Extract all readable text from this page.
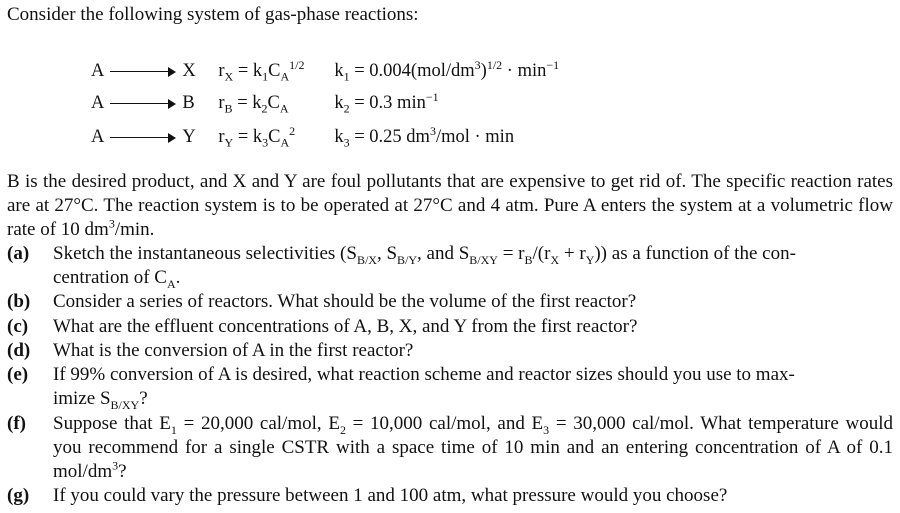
Consider the following system of gas-phase reactions:
A	X $r_X = k_1C_A^{1/2}$ $k_1 = 0.004(mol/dm^3)^{1/2} \cdot \min^{-1}$
A	B $r_B = k_2C_A$ $k_2 = 0.3$ $\min^{-1}$
A	Y $r_Y = k_3C_A^2$ $k_3 = 0.25$ $dm^3$/mol · min

B is the desired product, and X and Y are foul pollutants that are expensive to get rid of. The specific reaction rates are at 27°C. The reaction system is to be operated at 27°C and 4 atm. Pure A enters the system at a volumetric flow rate of 10 $dm^3/\min$.

(a) Sketch the instantaneous selectivities ($S_{B/X}$, $S_{B/Y}$, and $S_{B/XY} = r_B/(r_X + r_Y)$) as a function of the con-
centration of $C_A$.
(b) Consider a series of reactors. What should be the volume of the first reactor?
(c) What are the effluent concentrations of A, B, X, and Y from the first reactor?
(d) What is the conversion of A in the first reactor?
(e) If 99% conversion of A is desired, what reaction scheme and reactor sizes should you use to max-
imize $S_{B/XY}$?
(f) Suppose that $E_1 = 20,000$ cal/mol, $E_2 = 10,000$ cal/mol, and $E_3 = 30,000$ cal/mol. What temperature would you recommend for a single CSTR with a space time of 10 min and an entering concentration of A of 0.1 mol/$dm^3$?
(g) If you could vary the pressure between 1 and 100 atm, what pressure would you choose?
